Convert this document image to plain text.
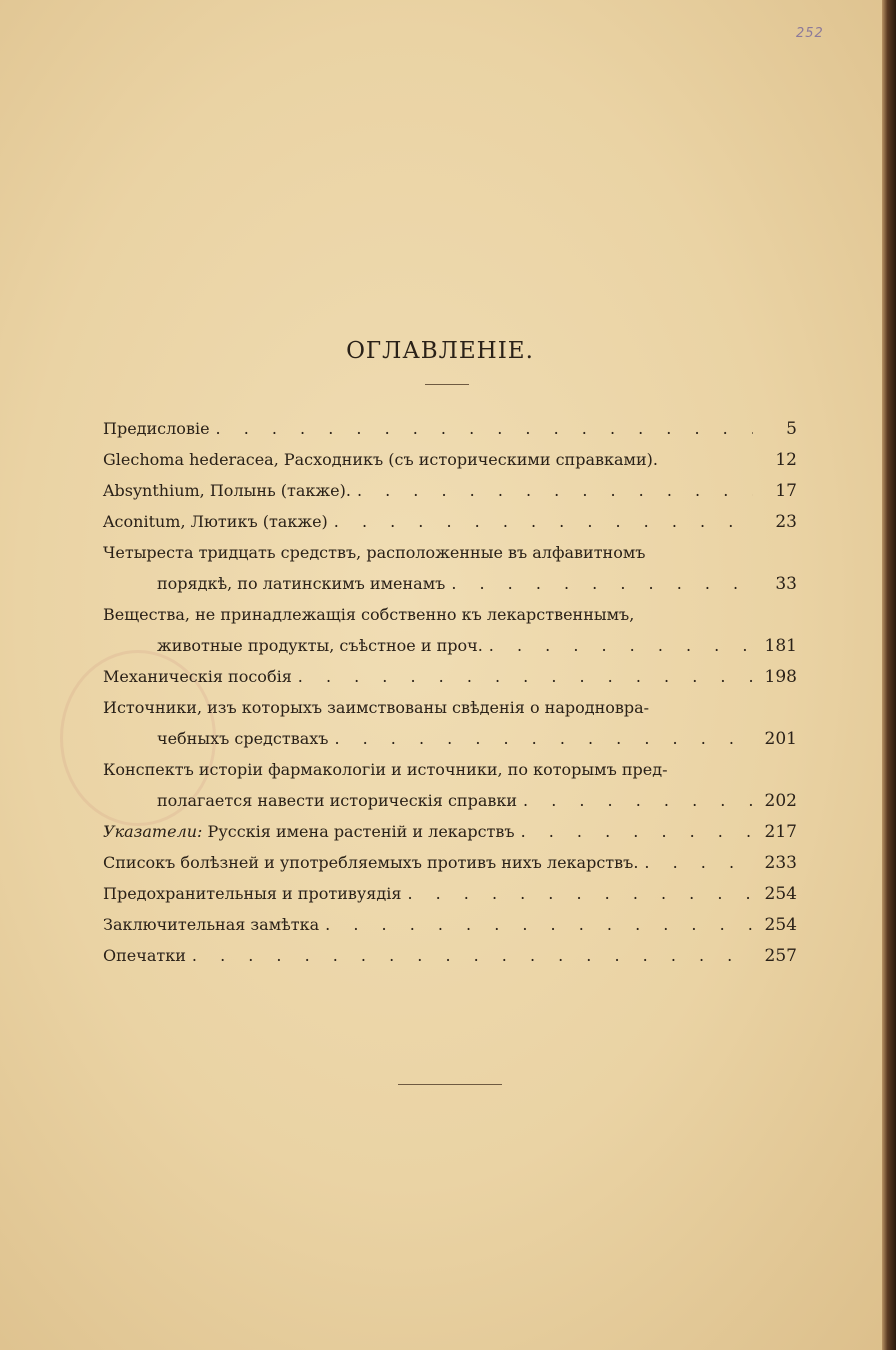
252
ОГЛАВЛЕНІЕ.
Предисловіе . . .	5
Glechoma hederacea, Расходникъ (съ историческими справками).	12
Absynthium, Полынь (также). . . .	17
Aconitum, Лютикъ (также) . . .	23
Четыреста тридцать средствъ, расположенные въ алфавитномъ
порядкѣ, по латинскимъ именамъ . . .	33
Вещества, не принадлежащія собственно къ лекарственнымъ,
животные продукты, съѣстное и проч. . . .	181
Механическія пособія . . .	198
Источники, изъ которыхъ заимствованы свѣденія о народноврa-
чебныхъ средствахъ . . .	201
Конспектъ исторіи фармакологіи и источники, по которымъ пред-
полагается навести историческія справки . . .	202
Указатели: Русскія имена растеній и лекарствъ . . .	217
Списокъ болѣзней и употребляемыхъ противъ нихъ лекарствъ. . . .	233
Предохранительныя и противуядія . . .	254
Заключительная замѣтка . . .	254
Опечатки . . .	257
